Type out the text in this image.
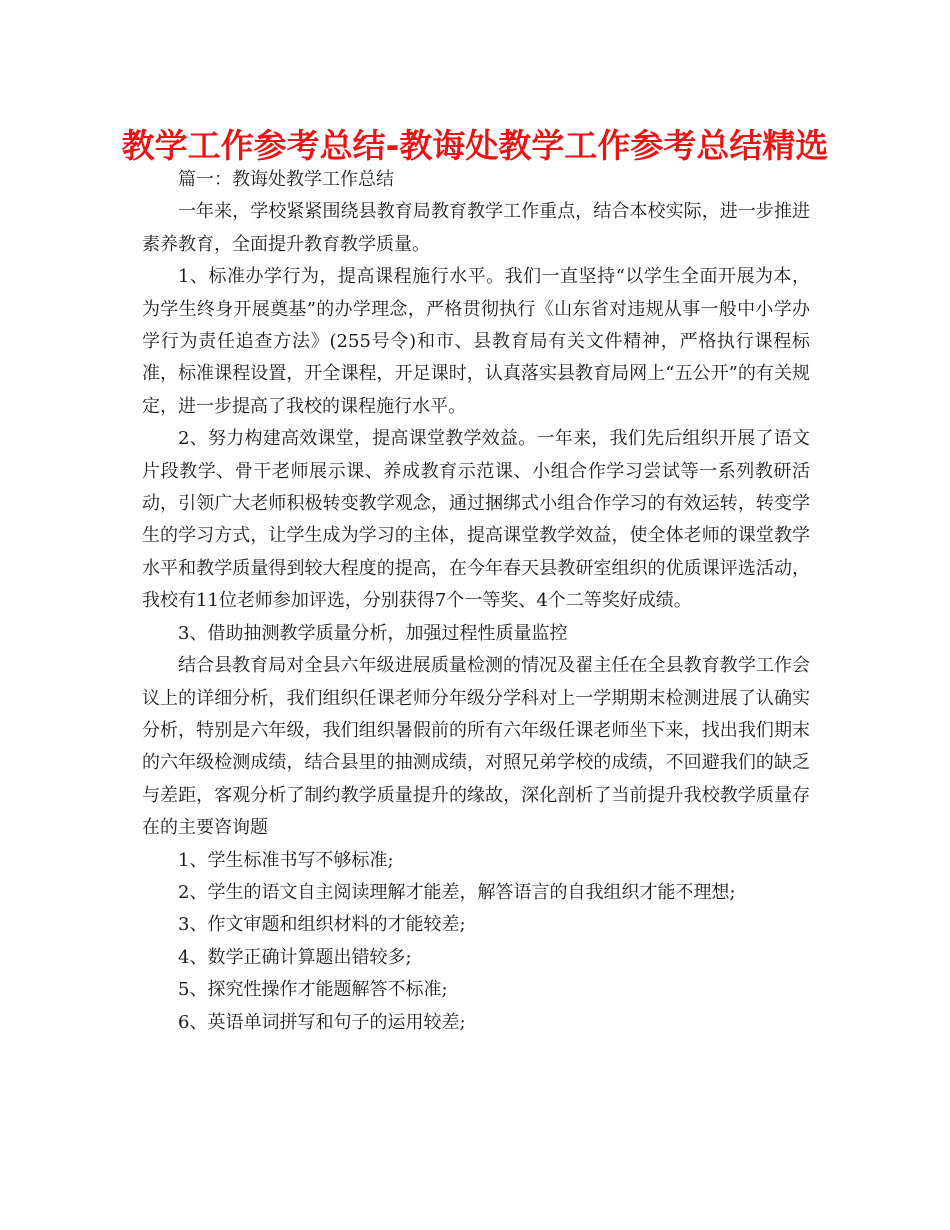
教学工作参考总结-教诲处教学工作参考总结精选

篇一：教诲处教学工作总结

一年来，学校紧紧围绕县教育局教育教学工作重点，结合本校实际，进一步推进素养教育，全面提升教育教学质量。

1、标准办学行为，提高课程施行水平。我们一直坚持“以学生全面开展为本，为学生终身开展奠基”的办学理念，严格贯彻执行《山东省对违规从事一般中小学办学行为责任追查方法》(255号令)和市、县教育局有关文件精神，严格执行课程标准，标准课程设置，开全课程，开足课时，认真落实县教育局网上“五公开”的有关规定，进一步提高了我校的课程施行水平。

2、努力构建高效课堂，提高课堂教学效益。一年来，我们先后组织开展了语文片段教学、骨干老师展示课、养成教育示范课、小组合作学习尝试等一系列教研活动，引领广大老师积极转变教学观念，通过捆绑式小组合作学习的有效运转，转变学生的学习方式，让学生成为学习的主体，提高课堂教学效益，使全体老师的课堂教学水平和教学质量得到较大程度的提高，在今年春天县教研室组织的优质课评选活动，我校有11位老师参加评选，分别获得7个一等奖、4个二等奖好成绩。

3、借助抽测教学质量分析，加强过程性质量监控

结合县教育局对全县六年级进展质量检测的情况及翟主任在全县教育教学工作会议上的详细分析，我们组织任课老师分年级分学科对上一学期期末检测进展了认确实分析，特别是六年级，我们组织暑假前的所有六年级任课老师坐下来，找出我们期末的六年级检测成绩，结合县里的抽测成绩，对照兄弟学校的成绩，不回避我们的缺乏与差距，客观分析了制约教学质量提升的缘故，深化剖析了当前提升我校教学质量存在的主要咨询题

1、学生标准书写不够标准;

2、学生的语文自主阅读理解才能差，解答语言的自我组织才能不理想;

3、作文审题和组织材料的才能较差;

4、数学正确计算题出错较多;

5、探究性操作才能题解答不标准;

6、英语单词拼写和句子的运用较差;
